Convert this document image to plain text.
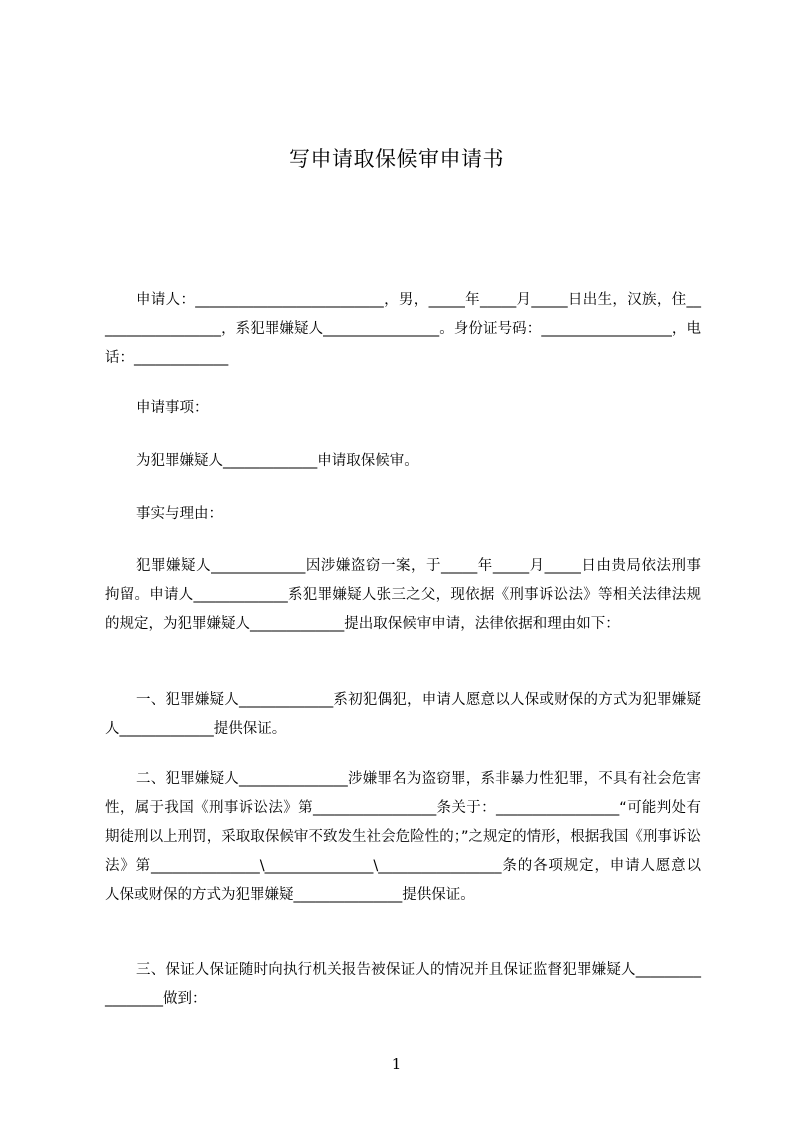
写申请取保候审申请书
申请人：__________________________，男，_____年_____月_____日出生，汉族，住__________________，系犯罪嫌疑人________________。身份证号码：__________________，电话：_____________
申请事项：
为犯罪嫌疑人_____________申请取保候审。
事实与理由：
犯罪嫌疑人_____________因涉嫌盗窃一案，于_____年_____月_____日由贵局依法刑事拘留。申请人_____________系犯罪嫌疑人张三之父，现依据《刑事诉讼法》等相关法律法规的规定，为犯罪嫌疑人_____________提出取保候审申请，法律依据和理由如下：
一、犯罪嫌疑人_____________系初犯偶犯，申请人愿意以人保或财保的方式为犯罪嫌疑人_____________提供保证。
二、犯罪嫌疑人_______________涉嫌罪名为盗窃罪，系非暴力性犯罪，不具有社会危害性，属于我国《刑事诉讼法》第_________________条关于：_________________“可能判处有期徒刑以上刑罚，采取取保候审不致发生社会危险性的；”之规定的情形，根据我国《刑事诉讼法》第_______________\_______________\_________________条的各项规定，申请人愿意以人保或财保的方式为犯罪嫌疑_______________提供保证。
三、保证人保证随时向执行机关报告被保证人的情况并且保证监督犯罪嫌疑人_________________做到：
1
